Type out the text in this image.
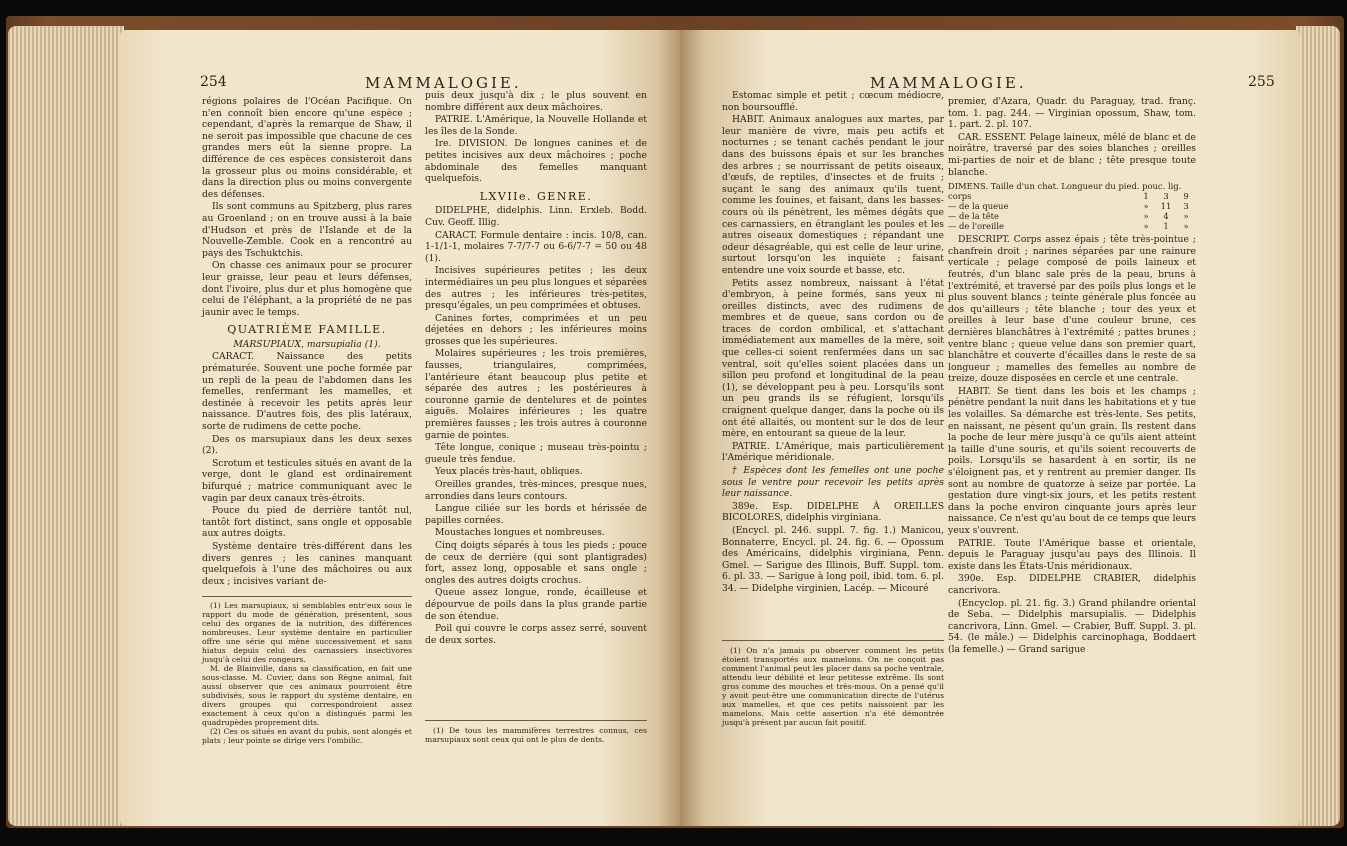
254	MAMMALOGIE.

régions polaires de l'Océan Pacifique. On n'en connoît bien encore qu'une espèce ; cependant, d'après la remarque de Shaw, il ne seroit pas impossible que chacune de ces grandes mers eût la sienne propre. La différence de ces espèces consisteroit dans la grosseur plus ou moins considérable, et dans la direction plus ou moins convergente des défenses.

Ils sont communs au Spitzberg, plus rares au Groenland ; on en trouve aussi à la baie d'Hudson et près de l'Islande et de la Nouvelle-Zemble. Cook en a rencontré au pays des Tschuktchis.

On chasse ces animaux pour se procurer leur graisse, leur peau et leurs défenses, dont l'ivoire, plus dur et plus homogène que celui de l'éléphant, a la propriété de ne pas jaunir avec le temps.

QUATRIÈME FAMILLE.

MARSUPIAUX, marsupialia (1).

CARACT. Naissance des petits prématurée. Souvent une poche formée par un repli de la peau de l'abdomen dans les femelles, renfermant les mamelles, et destinée à recevoir les petits après leur naissance. D'autres fois, des plis latéraux, sorte de rudimens de cette poche.

Des os marsupiaux dans les deux sexes (2).

Scrotum et testicules situés en avant de la verge, dont le gland est ordinairement bifurqué ; matrice communiquant avec le vagin par deux canaux très-étroits.

Pouce du pied de derrière tantôt nul, tantôt fort distinct, sans ongle et opposable aux autres doigts.

Système dentaire très-différent dans les divers genres ; les canines manquant quelquefois à l'une des mâchoires ou aux deux ; incisives variant de-

(1) Les marsupiaux, si semblables entr'eux sous le rapport du mode de génération, présentent, sous celui des organes de la nutrition, des différences nombreuses. Leur système dentaire en particulier offre une série qui mène successivement et sans hiatus depuis celui des carnassiers insectivores jusqu'à celui des rongeurs.

M. de Blainville, dans sa classification, en fait une sous-classe. M. Cuvier, dans son Règne animal, fait aussi observer que ces animaux pourroient être subdivisés, sous le rapport du système dentaire, en divers groupes qui correspondroient assez exactement à ceux qu'on a distingués parmi les quadrupèdes proprement dits.

(2) Ces os situés en avant du pubis, sont alongés et plats ; leur pointe se dirige vers l'ombilic.

puis deux jusqu'à dix ; le plus souvent en nombre différent aux deux mâchoires.

PATRIE. L'Amérique, la Nouvelle Hollande et les îles de la Sonde.

Ire. DIVISION. De longues canines et de petites incisives aux deux mâchoires ; poche abdominale des femelles manquant quelquefois.

LXVIIe. GENRE.

DIDELPHE, didelphis. Linn. Erxleb. Bodd. Cuv. Geoff. Illig.

CARACT. Formule dentaire : incis. 10/8, can. 1-1/1-1, molaires 7-7/7-7 ou 6-6/7-7 = 50 ou 48 (1).

Incisives supérieures petites ; les deux intermédiaires un peu plus longues et séparées des autres ; les inférieures très-petites, presqu'égales, un peu comprimées et obtuses.

Canines fortes, comprimées et un peu déjetées en dehors ; les inférieures moins grosses que les supérieures.

Molaires supérieures ; les trois premières, fausses, triangulaires, comprimées, l'antérieure étant beaucoup plus petite et séparée des autres ; les postérieures à couronne garnie de dentelures et de pointes aiguës. Molaires inférieures ; les quatre premières fausses ; les trois autres à couronne garnie de pointes.

Tête longue, conique ; museau très-pointu ; gueule très fendue.

Yeux placés très-haut, obliques.

Oreilles grandes, très-minces, presque nues, arrondies dans leurs contours.

Langue ciliée sur les bords et hérissée de papilles cornées.

Moustaches longues et nombreuses.

Cinq doigts séparés à tous les pieds ; pouce de ceux de derrière (qui sont plantigrades) fort, assez long, opposable et sans ongle ; ongles des autres doigts crochus.

Queue assez longue, ronde, écailleuse et dépourvue de poils dans la plus grande partie de son étendue.

Poil qui couvre le corps assez serré, souvent de deux sortes.

(1) De tous les mammifères terrestres connus, ces marsupiaux sont ceux qui ont le plus de dents.

MAMMALOGIE.	255

Estomac simple et petit ; cœcum médiocre, non boursoufflé.

HABIT. Animaux analogues aux martes, par leur manière de vivre, mais peu actifs et nocturnes ; se tenant cachés pendant le jour dans des buissons épais et sur les branches des arbres ; se nourrissant de petits oiseaux, d'œufs, de reptiles, d'insectes et de fruits ; suçant le sang des animaux qu'ils tuent, comme les fouines, et faisant, dans les basses-cours où ils pénètrent, les mêmes dégâts que ces carnassiers, en étranglant les poules et les autres oiseaux domestiques ; répandant une odeur désagréable, qui est celle de leur urine, surtout lorsqu'on les inquiète ; faisant entendre une voix sourde et basse, etc.

Petits assez nombreux, naissant à l'état d'embryon, à peine formés, sans yeux ni oreilles distincts, avec des rudimens de membres et de queue, sans cordon ou de traces de cordon ombilical, et s'attachant immédiatement aux mamelles de la mère, soit que celles-ci soient renfermées dans un sac ventral, soit qu'elles soient placées dans un sillon peu profond et longitudinal de la peau (1), se développant peu à peu. Lorsqu'ils sont un peu grands ils se réfugient, lorsqu'ils craignent quelque danger, dans la poche où ils ont été allaités, ou montent sur le dos de leur mère, en entourant sa queue de la leur.

PATRIE. L'Amérique, mais particulièrement l'Amérique méridionale.

† Espèces dont les femelles ont une poche sous le ventre pour recevoir les petits après leur naissance.

389e. Esp. DIDELPHE À OREILLES BICOLORES, didelphis virginiana.

(Encycl. pl. 246. suppl. 7. fig. 1.) Manicou, Bonnaterre, Encycl. pl. 24. fig. 6. — Opossum des Américains, didelphis virginiana, Penn. Gmel. — Sarigue des Illinois, Buff. Suppl. tom. 6. pl. 33. — Sarigue à long poil, ibid. tom. 6. pl. 34. — Didelphe virginien, Lacép. — Micouré

(1) On n'a jamais pu observer comment les petits étoient transportés aux mamelons. On ne conçoit pas comment l'animal peut les placer dans sa poche ventrale, attendu leur débilité et leur petitesse extrême. Ils sont gros comme des mouches et très-mous. On a pensé qu'il y avoit peut-être une communication directe de l'utérus aux mamelles, et que ces petits naissoient par les mamelons. Mais cette assertion n'a été démontrée jusqu'à présent par aucun fait positif.

premier, d'Azara, Quadr. du Paraguay, trad. franç. tom. 1. pag. 244. — Virginian opossum, Shaw, tom. 1. part. 2. pl. 107.

CAR. ESSENT. Pelage laineux, mêlé de blanc et de noirâtre, traversé par des soies blanches ; oreilles mi-parties de noir et de blanc ; tête presque toute blanche.

DIMENS. Taille d'un chat. Longueur du pied. pouc. lig.
corps	1	3	9
— de la queue	»	11	3
— de la tête	»	4	»
— de l'oreille	»	1	»

DESCRIPT. Corps assez épais ; tête très-pointue ; chanfrein droit ; narines séparées par une rainure verticale ; pelage composé de poils laineux et feutrés, d'un blanc sale près de la peau, bruns à l'extrémité, et traversé par des poils plus longs et le plus souvent blancs ; teinte générale plus foncée au dos qu'ailleurs ; tête blanche ; tour des yeux et oreilles à leur base d'une couleur brune, ces dernières blanchâtres à l'extrémité ; pattes brunes ; ventre blanc ; queue velue dans son premier quart, blanchâtre et couverte d'écailles dans le reste de sa longueur ; mamelles des femelles au nombre de treize, douze disposées en cercle et une centrale.

HABIT. Se tient dans les bois et les champs ; pénètre pendant la nuit dans les habitations et y tue les volailles. Sa démarche est très-lente. Ses petits, en naissant, ne pèsent qu'un grain. Ils restent dans la poche de leur mère jusqu'à ce qu'ils aient atteint la taille d'une souris, et qu'ils soient recouverts de poils. Lorsqu'ils se hasardent à en sortir, ils ne s'éloignent pas, et y rentrent au premier danger. Ils sont au nombre de quatorze à seize par portée. La gestation dure vingt-six jours, et les petits restent dans la poche environ cinquante jours après leur naissance. Ce n'est qu'au bout de ce temps que leurs yeux s'ouvrent.

PATRIE. Toute l'Amérique basse et orientale, depuis le Paraguay jusqu'au pays des Illinois. Il existe dans les États-Unis méridionaux.

390e. Esp. DIDELPHE CRABIER, didelphis cancrivora.

(Encyclop. pl. 21. fig. 3.) Grand philandre oriental de Seba. — Didelphis marsupialis. — Didelphis cancrivora, Linn. Gmel. — Crabier, Buff. Suppl. 3. pl. 54. (le mâle.) — Didelphis carcinophaga, Boddaert (la femelle.) — Grand sarigue
